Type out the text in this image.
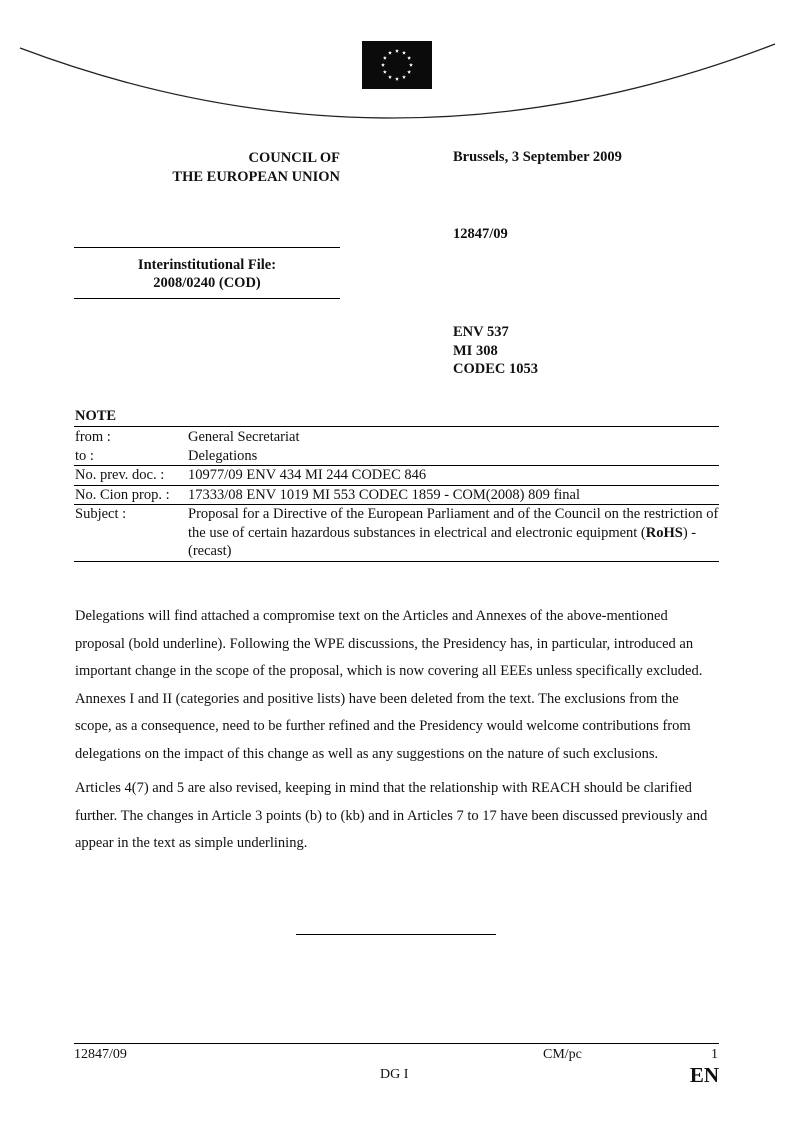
COUNCIL OF
THE EUROPEAN UNION
Brussels, 3 September 2009
12847/09
Interinstitutional File:
2008/0240 (COD)
ENV 537
MI 308
CODEC 1053
NOTE
from :	General Secretariat
to :	Delegations
No. prev. doc. :	10977/09 ENV 434 MI 244 CODEC 846
No. Cion prop. :	17333/08 ENV 1019 MI 553 CODEC 1859 - COM(2008) 809 final
Subject :	Proposal for a Directive of the European Parliament and of the Council on the restriction of the use of certain hazardous substances in electrical and electronic equipment (RoHS) - (recast)

Delegations will find attached a compromise text on the Articles and Annexes of the above-mentioned proposal (bold underline). Following the WPE discussions, the Presidency has, in particular, introduced an important change in the scope of the proposal, which is now covering all EEEs unless specifically excluded. Annexes I and II (categories and positive lists) have been deleted from the text. The exclusions from the scope, as a consequence, need to be further refined and the Presidency would welcome contributions from delegations on the impact of this change as well as any suggestions on the nature of such exclusions.

Articles 4(7) and 5 are also revised, keeping in mind that the relationship with REACH should be clarified further. The changes in Article 3 points (b) to (kb) and in Articles 7 to 17 have been discussed previously and appear in the text as simple underlining.

12847/09	CM/pc	1
DG I	EN
